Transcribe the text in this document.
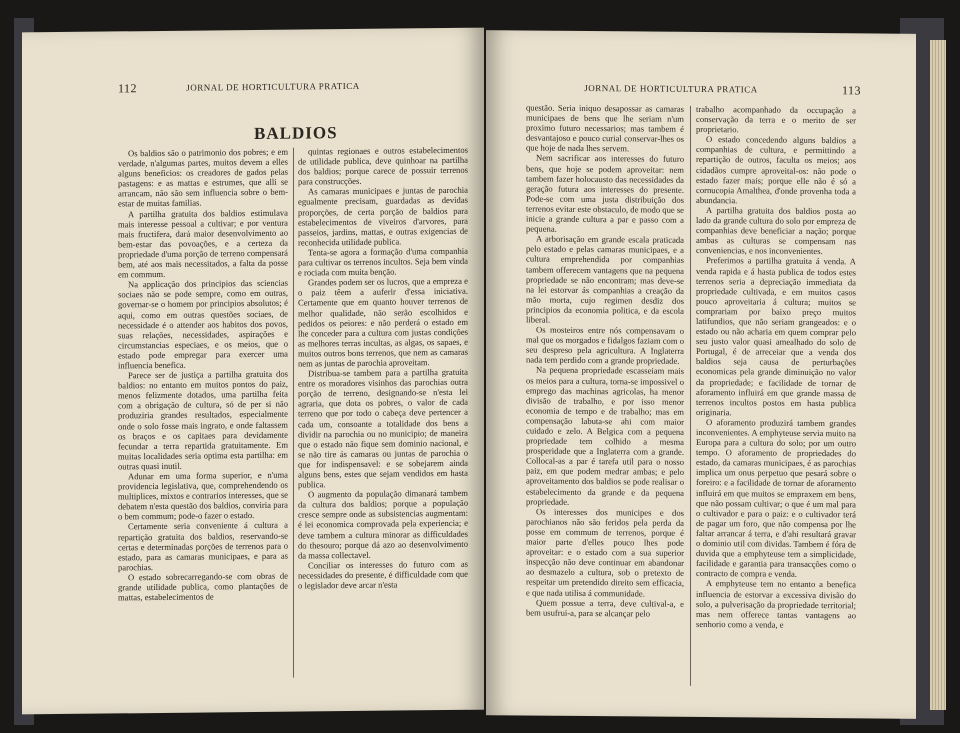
112	JORNAL DE HORTICULTURA PRATICA
BALDIOS

Os baldios são o patrimonio dos pobres; e em verdade, n'algumas partes, muitos devem a elles alguns beneficios: os creadores de gados pelas pastagens: e as mattas e estrumes, que alli se arrancam, não são sem influencia sobre o bem-estar de muitas familias.

A partilha gratuita dos baldios estimulava mais interesse pessoal a cultivar; e por ventura mais fructifera, dará maior desenvolvimento ao bem-estar das povoações, e a certeza da propriedade d'uma porção de terreno compensará bem, até aos mais necessitados, a falta da posse em commum.

Na applicação dos principios das sciencias sociaes não se pode sempre, como em outras, governar-se o homem por principios absolutos; é aqui, como em outras questões sociaes, de necessidade é o attender aos habitos dos povos, suas relações, necessidades, aspirações e circumstancias especiaes, e os meios, que o estado pode empregar para exercer uma influencia benefica.

Parece ser de justiça a partilha gratuita dos baldios: no entanto em muitos pontos do paiz, menos felizmente dotados, uma partilha feita com a obrigação de cultura, só de per si não produziria grandes resultados, especialmente onde o solo fosse mais ingrato, e onde faltassem os braços e os capitaes para devidamente fecundar a terra repartida gratuitamente. Em muitas localidades seria optima esta partilha: em outras quasi inutil.

Adunar em uma forma superior, e n'uma providencia legislativa, que, comprehendendo os multiplices, mixtos e contrarios interesses, que se debatem n'esta questão dos baldios, conviria para o bem commum; pode-o fazer o estado.

Certamente seria conveniente á cultura a repartição gratuita dos baldios, reservando-se certas e determinadas porções de terrenos para o estado, para as camaras municipaes, e para as parochias.

O estado sobrecarregando-se com obras de grande utilidade publica, como plantações de mattas, estabelecimentos de

quintas regionaes e outros estabelecimentos de utilidade publica, deve quinhoar na partilha dos baldios; porque carece de possuir terrenos para construcções.

As camaras municipaes e juntas de parochia egualmente precisam, guardadas as devidas proporções, de certa porção de baldios para estabelecimentos de viveiros d'arvores, para passeios, jardins, mattas, e outras exigencias de reconhecida utilidade publica.

Tenta-se agora a formação d'uma companhia para cultivar os terrenos incultos. Seja bem vinda e rociada com muita benção.

Grandes podem ser os lucros, que a empreza e o paiz têem a auferir d'essa iniciativa. Certamente que em quanto houver terrenos de melhor qualidade, não serão escolhidos e pedidos os peiores: e não perderá o estado em lhe conceder para a cultura com justas condições as melhores terras incultas, as algas, os sapaes, e muitos outros bons terrenos, que nem as camaras nem as juntas de parochia aproveitam.

Distribua-se tambem para a partilha gratuita entre os moradores visinhos das parochias outra porção de terreno, designando-se n'esta lei agraria, que dota os pobres, o valor de cada terreno que por todo o cabeça deve pertencer a cada um, consoante a totalidade dos bens a dividir na parochia ou no municipio; de maneira que o estado não fique sem dominio nacional, e se não tire ás camaras ou juntas de parochia o que for indispensavel: e se sobejarem ainda alguns bens, estes que sejam vendidos em hasta publica.

O augmento da população dimanará tambem da cultura dos baldios; porque a população cresce sempre onde as subsistencias augmentam: é lei economica comprovada pela experiencia; e deve tambem a cultura minorar as difficuldades do thesouro; porque dá azo ao desenvolvimento da massa collectavel.

Conciliar os interesses do futuro com as necessidades do presente, é difficuldade com que o legislador deve arcar n'esta

JORNAL DE HORTICULTURA PRATICA	113

questão. Seria iniquo desapossar as camaras municipaes de bens que lhe seriam n'um proximo futuro necessarios; mas tambem é desvantajoso e pouco curial conservar-lhes os que hoje de nada lhes servem.

Nem sacrificar aos interesses do futuro bens, que hoje se podem aproveitar: nem tambem fazer holocausto das necessidades da geração futura aos interesses do presente. Pode-se com uma justa distribuição dos terrenos evitar este obstaculo, de modo que se inicie a grande cultura a par e passo com a pequena.

A arborisação em grande escala praticada pelo estado e pelas camaras municipaes, e a cultura emprehendida por companhias tambem offerecem vantagens que na pequena propriedade se não encontram; mas deve-se na lei estorvar ás companhias a creação da mão morta, cujo regimen desdiz dos principios da economia politica, e da escola liberal.

Os mosteiros entre nós compensavam o mal que os morgados e fidalgos faziam com o seu despreso pela agricultura. A Inglaterra nada tem perdido com a grande propriedade.

Na pequena propriedade escasseiam mais os meios para a cultura, torna-se impossivel o emprego das machinas agricolas, ha menor divisão de trabalho, e por isso menor economia de tempo e de trabalho; mas em compensação labuta-se ahi com maior cuidado e zelo. A Belgica com a pequena propriedade tem colhido a mesma prosperidade que a Inglaterra com a grande. Collocal-as a par é tarefa util para o nosso paiz, em que podem medrar ambas; e pelo aproveitamento dos baldios se pode realisar o estabelecimento da grande e da pequena propriedade.

Os interesses dos municipes e dos parochianos não são feridos pela perda da posse em commum de terrenos, porque é maior parte d'elles pouco lhes pode aproveitar: e o estado com a sua superior inspecção não deve continuar em abandonar ao desmazelo a cultura, sob o pretexto de respeitar um pretendido direito sem efficacia, e que nada utilisa á communidade.

Quem possue a terra, deve cultival-a, e bem usufrui-a, para se alcançar pelo

trabalho acompanhado da occupação a conservação da terra e o merito de ser proprietario.

O estado concedendo alguns baldios a companhias de cultura, e permittindo a repartição de outros, faculta os meios; aos cidadãos cumpre aproveital-os: não pode o estado fazer mais; porque elle não é só a cornucopia Amalthea, d'onde provenha toda a abundancia.

A partilha gratuita dos baldios posta ao lado da grande cultura do solo por empreza de companhias deve beneficiar a nação; porque ambas as culturas se compensam nas conveniencias, e nos inconvenientes.

Preferimos a partilha gratuita á venda. A venda rapida e á hasta publica de todos estes terrenos seria a depreciação immediata da propriedade cultivada, e em muitos casos pouco aproveitaria á cultura; muitos se comprariam por baixo preço muitos latifundios, que não seriam grangeados: e o estado ou não acharia em quem comprar pelo seu justo valor quasi amealhado do solo de Portugal, é de arreceiar que a venda dos baldios seja causa de perturbações economicas pela grande diminuição no valor da propriedade; e facilidade de tornar de aforamento influirá em que grande massa de terrenos incultos postos em hasta publica originaria.

O aforamento produzirá tambem grandes inconvenientes. A emphyteuse servia muito na Europa para a cultura do solo; por um outro tempo. O aforamento de propriedades do estado, da camaras municipaes, é as parochias implica um onus perpetuo que pesará sobre o foreiro: e a facilidade de tornar de aforamento influirá em que muitos se empraxem em bens, que não possam cultivar; o que é um mal para o cultivador e para o paiz: e o cultivador terá de pagar um foro, que não compensa por lhe faltar arrancar á terra, e d'ahi resultará gravar o dominio util com dividas. Tambem é fóra de duvida que a emphyteuse tem a simplicidade, facilidade e garantia para transacções como o contracto de compra e venda.

A emphyteuse tem no entanto a benefica influencia de estorvar a excessiva divisão do solo, a pulverisação da propriedade territorial; mas nem offerece tantas vantagens ao senhorio como a venda, e
